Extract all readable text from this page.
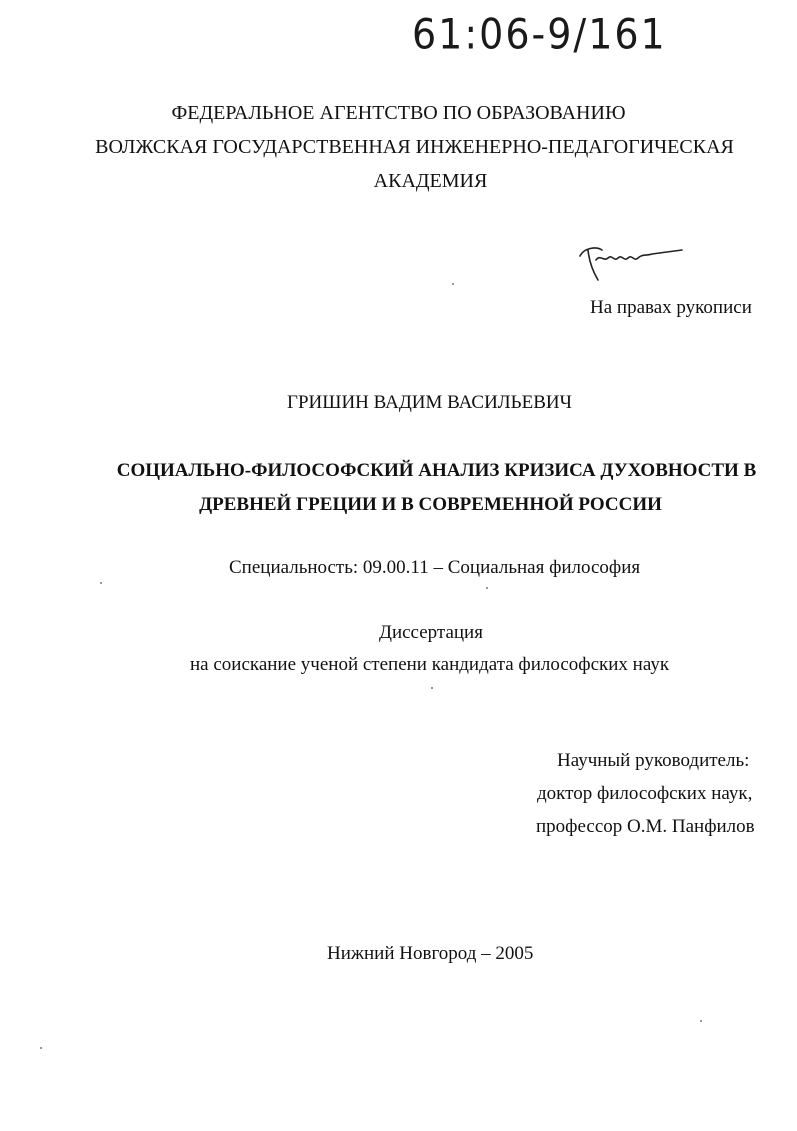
61:06-9/161
ФЕДЕРАЛЬНОЕ АГЕНТСТВО ПО ОБРАЗОВАНИЮ
ВОЛЖСКАЯ ГОСУДАРСТВЕННАЯ ИНЖЕНЕРНО-ПЕДАГОГИЧЕСКАЯ
АКАДЕМИЯ
На правах рукописи
ГРИШИН ВАДИМ ВАСИЛЬЕВИЧ
СОЦИАЛЬНО-ФИЛОСОФСКИЙ АНАЛИЗ КРИЗИСА ДУХОВНОСТИ В
ДРЕВНЕЙ ГРЕЦИИ И В СОВРЕМЕННОЙ РОССИИ
Специальность: 09.00.11 – Социальная философия
Диссертация
на соискание ученой степени кандидата философских наук
Научный руководитель:
доктор философских наук,
профессор О.М. Панфилов
Нижний Новгород – 2005
